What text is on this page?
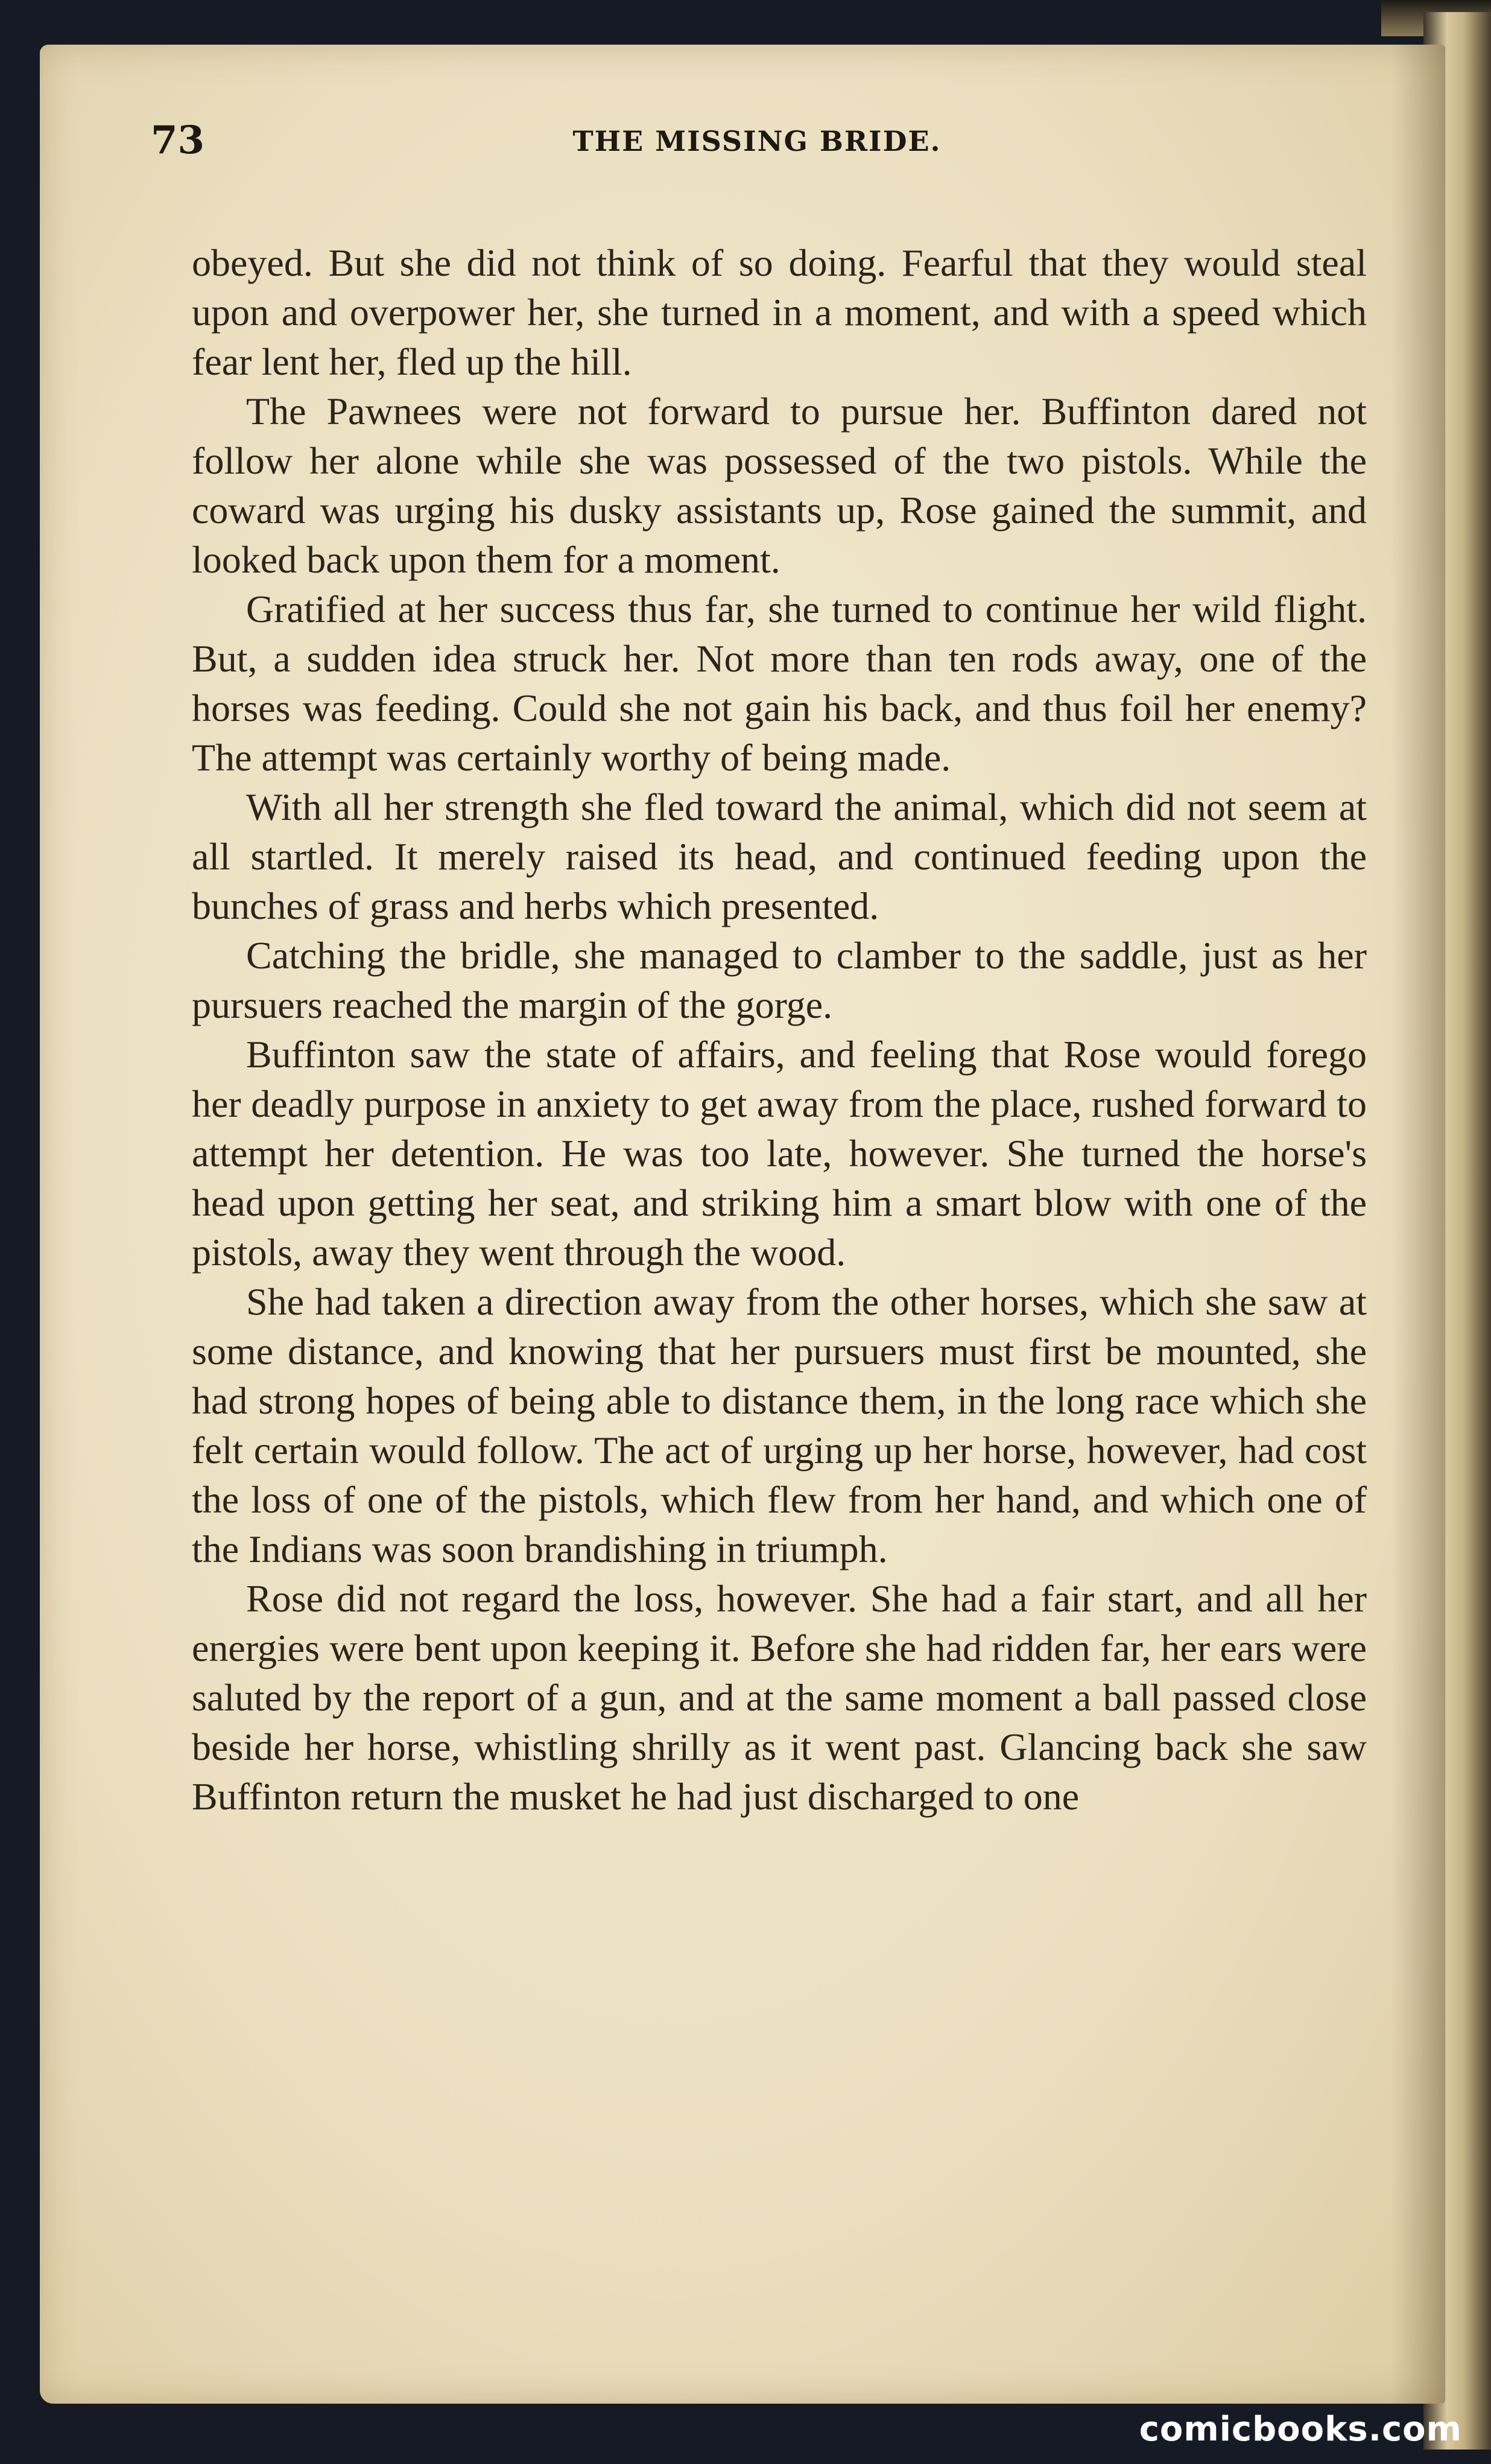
73	THE MISSING BRIDE.

obeyed. But she did not think of so doing. Fearful that they would steal upon and overpower her, she turned in a moment, and with a speed which fear lent her, fled up the hill.

The Pawnees were not forward to pursue her. Buffinton dared not follow her alone while she was possessed of the two pistols. While the coward was urging his dusky assistants up, Rose gained the summit, and looked back upon them for a moment.

Gratified at her success thus far, she turned to continue her wild flight. But, a sudden idea struck her. Not more than ten rods away, one of the horses was feeding. Could she not gain his back, and thus foil her enemy? The attempt was certainly worthy of being made.

With all her strength she fled toward the animal, which did not seem at all startled. It merely raised its head, and continued feeding upon the bunches of grass and herbs which presented.

Catching the bridle, she managed to clamber to the saddle, just as her pursuers reached the margin of the gorge.

Buffinton saw the state of affairs, and feeling that Rose would forego her deadly purpose in anxiety to get away from the place, rushed forward to attempt her detention. He was too late, however. She turned the horse's head upon getting her seat, and striking him a smart blow with one of the pistols, away they went through the wood.

She had taken a direction away from the other horses, which she saw at some distance, and knowing that her pursuers must first be mounted, she had strong hopes of being able to distance them, in the long race which she felt certain would follow. The act of urging up her horse, however, had cost the loss of one of the pistols, which flew from her hand, and which one of the Indians was soon brandishing in triumph.

Rose did not regard the loss, however. She had a fair start, and all her energies were bent upon keeping it. Before she had ridden far, her ears were saluted by the report of a gun, and at the same moment a ball passed close beside her horse, whistling shrilly as it went past. Glancing back she saw Buffinton return the musket he had just discharged to one

comicbooks.com
